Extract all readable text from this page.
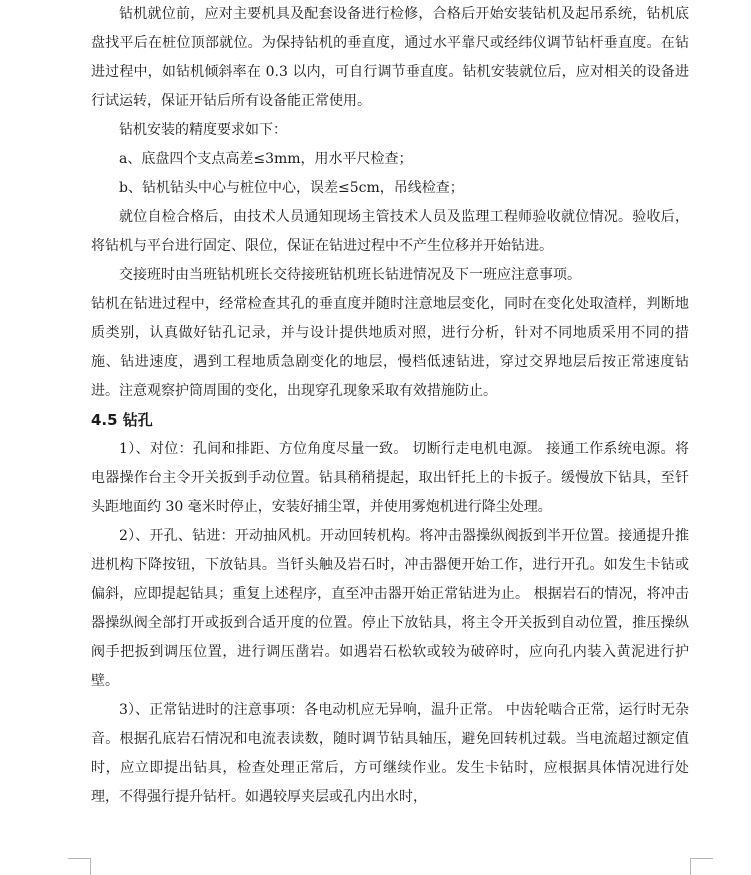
钻机就位前，应对主要机具及配套设备进行检修，合格后开始安装钻机及起吊系统，钻机底盘找平后在桩位顶部就位。为保持钻机的垂直度，通过水平靠尺或经纬仪调节钻杆垂直度。在钻进过程中，如钻机倾斜率在 0.3 以内，可自行调节垂直度。钻机安装就位后，应对相关的设备进行试运转，保证开钻后所有设备能正常使用。

钻机安装的精度要求如下：

a、底盘四个支点高差≤3mm，用水平尺检查；

b、钻机钻头中心与桩位中心，误差≤5cm，吊线检查；

就位自检合格后，由技术人员通知现场主管技术人员及监理工程师验收就位情况。验收后，将钻机与平台进行固定、限位，保证在钻进过程中不产生位移并开始钻进。

交接班时由当班钻机班长交待接班钻机班长钻进情况及下一班应注意事项。

钻机在钻进过程中，经常检查其孔的垂直度并随时注意地层变化，同时在变化处取渣样，判断地质类别，认真做好钻孔记录，并与设计提供地质对照，进行分析，针对不同地质采用不同的措施、钻进速度，遇到工程地质急剧变化的地层，慢档低速钻进，穿过交界地层后按正常速度钻进。注意观察护筒周围的变化，出现穿孔现象采取有效措施防止。

4.5 钻孔

1）、对位：孔间和排距、方位角度尽量一致。 切断行走电机电源。 接通工作系统电源。将电器操作台主令开关扳到手动位置。钻具稍稍提起，取出钎托上的卡扳子。缓慢放下钻具，至钎头距地面约 30 毫米时停止，安装好捕尘罩，并使用雾炮机进行降尘处理。

2）、开孔、钻进：开动抽风机。开动回转机构。将冲击器操纵阀扳到半开位置。接通提升推进机构下降按钮，下放钻具。当钎头触及岩石时，冲击器便开始工作，进行开孔。如发生卡钻或偏斜，应即提起钻具；重复上述程序，直至冲击器开始正常钻进为止。 根据岩石的情况，将冲击器操纵阀全部打开或扳到合适开度的位置。停止下放钻具，将主令开关扳到自动位置，推压操纵阀手把扳到调压位置，进行调压凿岩。如遇岩石松软或较为破碎时，应向孔内装入黄泥进行护壁。

3）、正常钻进时的注意事项：各电动机应无异响，温升正常。 中齿轮啮合正常，运行时无杂音。根据孔底岩石情况和电流表读数，随时调节钻具轴压，避免回转机过载。当电流超过额定值时，应立即提出钻具，检查处理正常后，方可继续作业。发生卡钻时，应根据具体情况进行处理，不得强行提升钻杆。如遇较厚夹层或孔内出水时，
